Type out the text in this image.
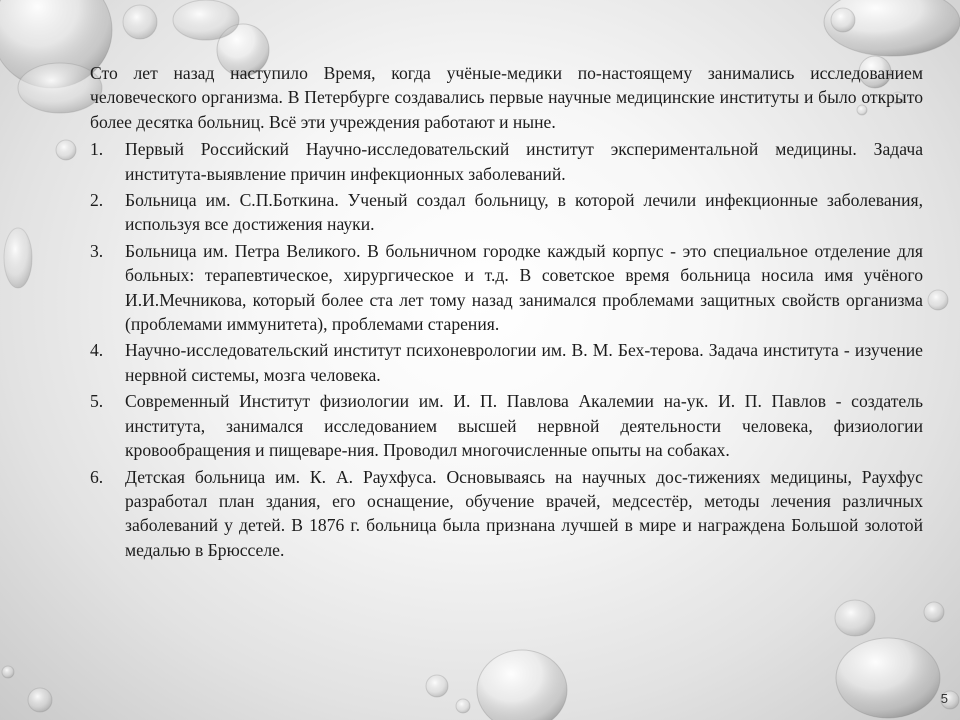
Сто лет назад наступило Время, когда учёные-медики по-настоящему занимались исследованием человеческого организма. В Петербурге создавались первые научные медицинские институты и было открыто более десятка больниц. Всё эти учреждения работают и ныне.

1. Первый Российский Научно-исследовательский институт экспериментальной медицины. Задача института-выявление причин инфекционных заболеваний.
2. Больница им. С.П.Боткина. Ученый создал больницу, в которой лечили инфекционные заболевания, используя все достижения науки.
3. Больница им. Петра Великого. В больничном городке каждый корпус - это специальное отделение для больных: терапевтическое, хирургическое и т.д. В советское время больница носила имя учёного И.И.Мечникова, который более ста лет тому назад занимался проблемами защитных свойств организма (проблемами иммунитета), проблемами старения.
4. Научно-исследовательский институт психоневрологии им. В. М. Бех-терова. Задача института - изучение нервной системы, мозга человека.
5. Современный Институт физиологии им. И. П. Павлова Акалемии на-ук. И. П. Павлов - создатель института, занимался исследованием высшей нервной деятельности человека, физиологии кровообращения и пищеваре-ния. Проводил многочисленные опыты на собаках.
6. Детская больница им. К. А. Раухфуса. Основываясь на научных дос-тижениях медицины, Раухфус разработал план здания, его оснащение, обучение врачей, медсестёр, методы лечения различных заболеваний у детей. В 1876 г. больница была признана лучшей в мире и награждена Большой золотой медалью в Брюсселе.
5
